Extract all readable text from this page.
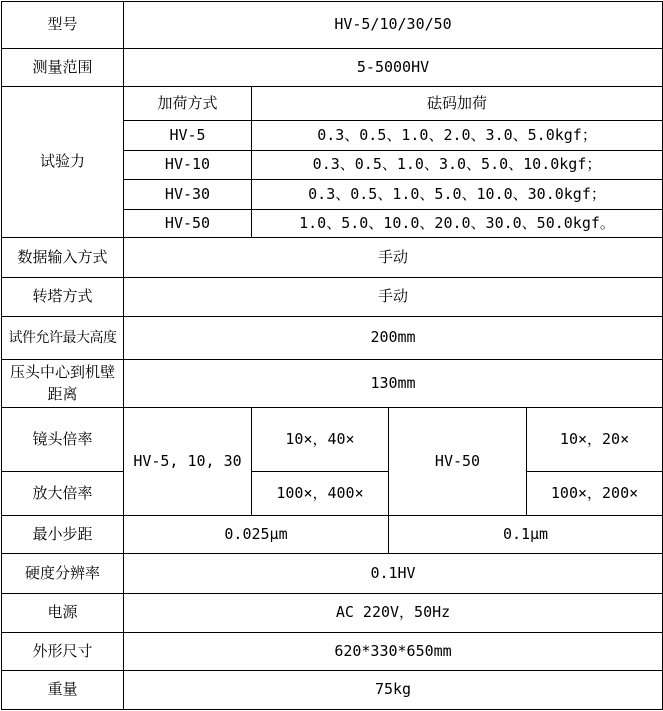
型号	HV-5/10/30/50			
测量范围	5-5000HV			
试验力	加荷方式	砝码加荷		
	HV-5	0.3、0.5、1.0、2.0、3.0、5.0kgf；		
	HV-10	0.3、0.5、1.0、3.0、5.0、10.0kgf；		
	HV-30	0.3、0.5、1.0、5.0、10.0、30.0kgf；		
	HV-50	1.0、5.0、10.0、20.0、30.0、50.0kgf。		
数据输入方式	手动			
转塔方式	手动			
试件允许最大高度	200mm			
压头中心到机壁距离	130mm			
镜头倍率	HV-5, 10, 30	10×，40×	HV-50	10×，20×
放大倍率		100×，400×		100×，200×
最小步距	0.025μm		0.1μm	
硬度分辨率	0.1HV			
电源	AC 220V，50Hz			
外形尺寸	620*330*650mm			
重量	75kg			
